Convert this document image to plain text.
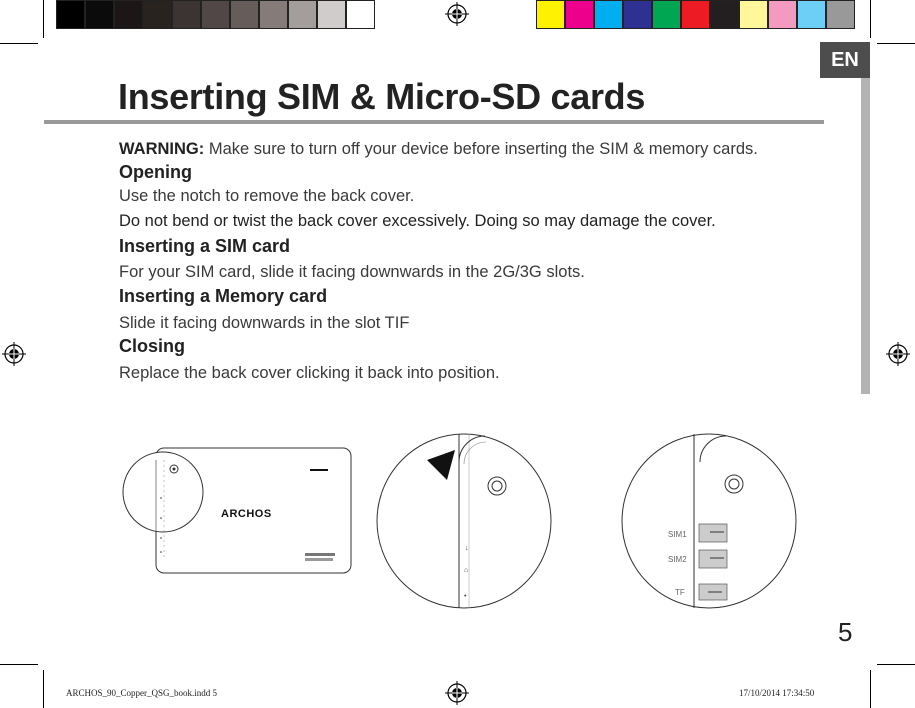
EN
Inserting SIM & Micro-SD cards
WARNING: Make sure to turn off your device before inserting the SIM & memory cards.
Opening
Use the notch to remove the back cover.
Do not bend or twist the back cover excessively. Doing so may damage the cover.
Inserting a SIM card
For your SIM card, slide it facing downwards in the 2G/3G slots.
Inserting a Memory card
Slide it facing downwards in the slot TIF
Closing
Replace the back cover clicking it back into position.
ARCHOS
↓
⌂
•
SIM1
SIM2
TF
5
ARCHOS_90_Copper_QSG_book.indd 5	17/10/2014 17:34:50
